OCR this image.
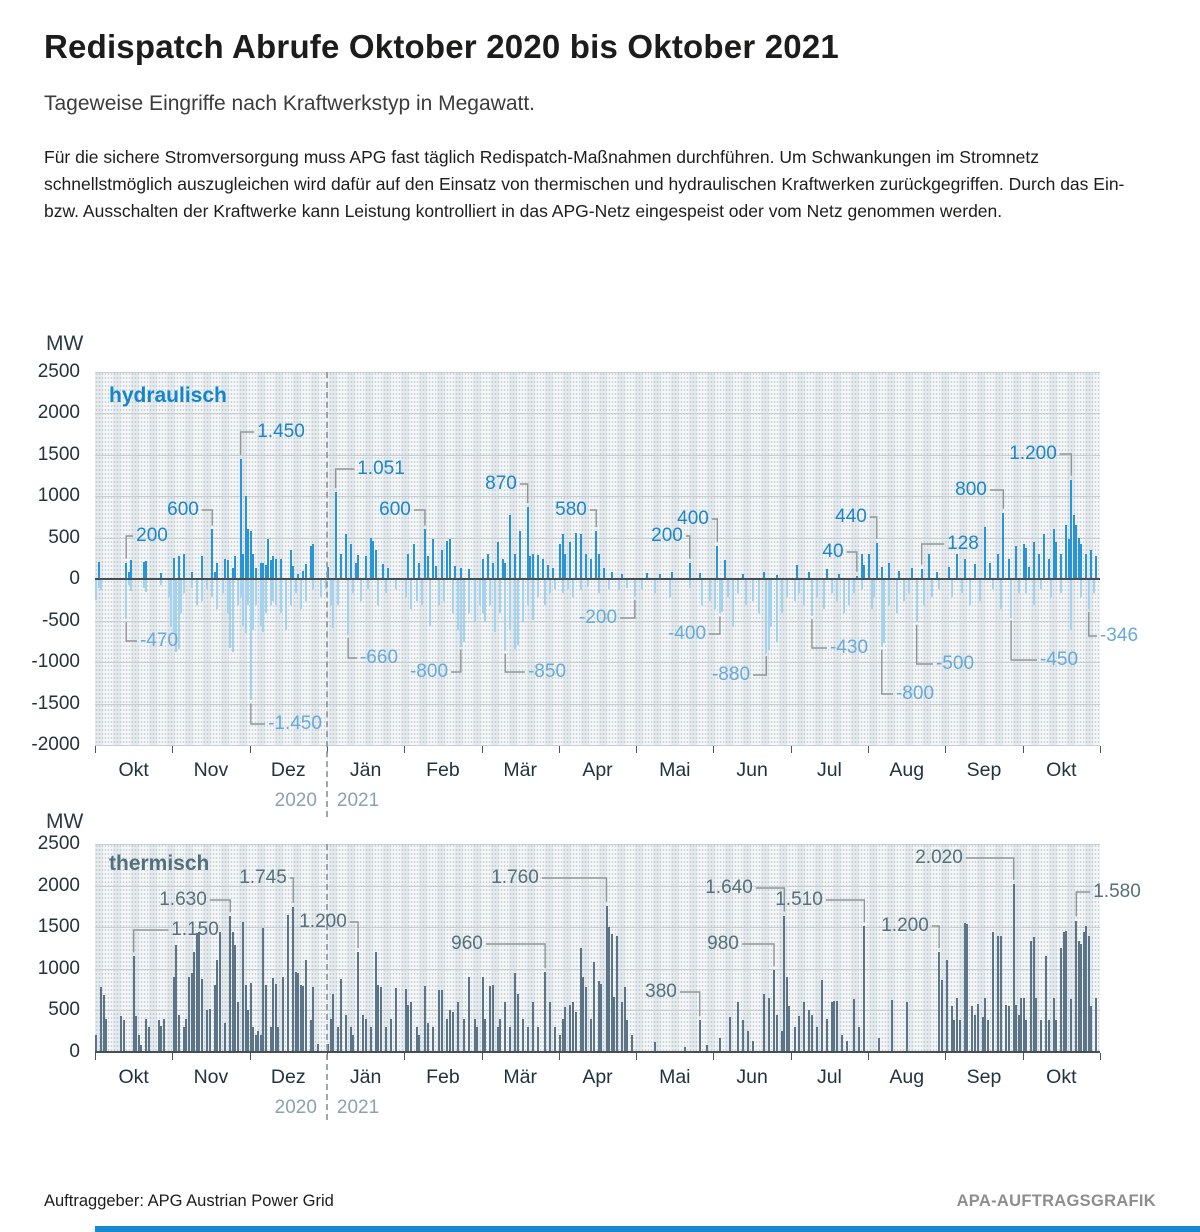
Redispatch Abrufe Oktober 2020 bis Oktober 2021

Tageweise Eingriffe nach Kraftwerkstyp in Megawatt.

Für die sichere Stromversorgung muss APG fast täglich Redispatch-Maßnahmen durchführen. Um Schwankungen im Stromnetz schnellstmöglich auszugleichen wird dafür auf den Einsatz von thermischen und hydraulischen Kraftwerken zurückgegriffen. Durch das Ein- bzw. Ausschalten der Kraftwerke kann Leistung kontrolliert in das APG-Netz eingespeist oder vom Netz genommen werden.

MW
2500
2000
1500
1000
500
0
-500
-1000
-1500
-2000
hydraulisch
Okt	Nov	Dez	Jän	Feb	Mär	Apr	Mai	Jun	Jul	Aug	Sep	Okt
2020 2021
200
600
1.450
1.051
600
870
580
200
400
40
440
128
800
1.200
-470
-1.450
-660
-800	-850
-200
-400
-880
-430
-800
-500	-450
-346
MW
2500
2000
1500
1000
500
0
thermisch
Okt	Nov	Dez	Jän	Feb	Mär	Apr	Mai	Jun	Jul	Aug	Sep	Okt
2020 2021
1.150
1.630
1.745
1.200
960
1.760
380
980
1.640
1.510
1.200
2.020
1.580
Auftraggeber: APG Austrian Power Grid	APA-AUFTRAGSGRAFIK
